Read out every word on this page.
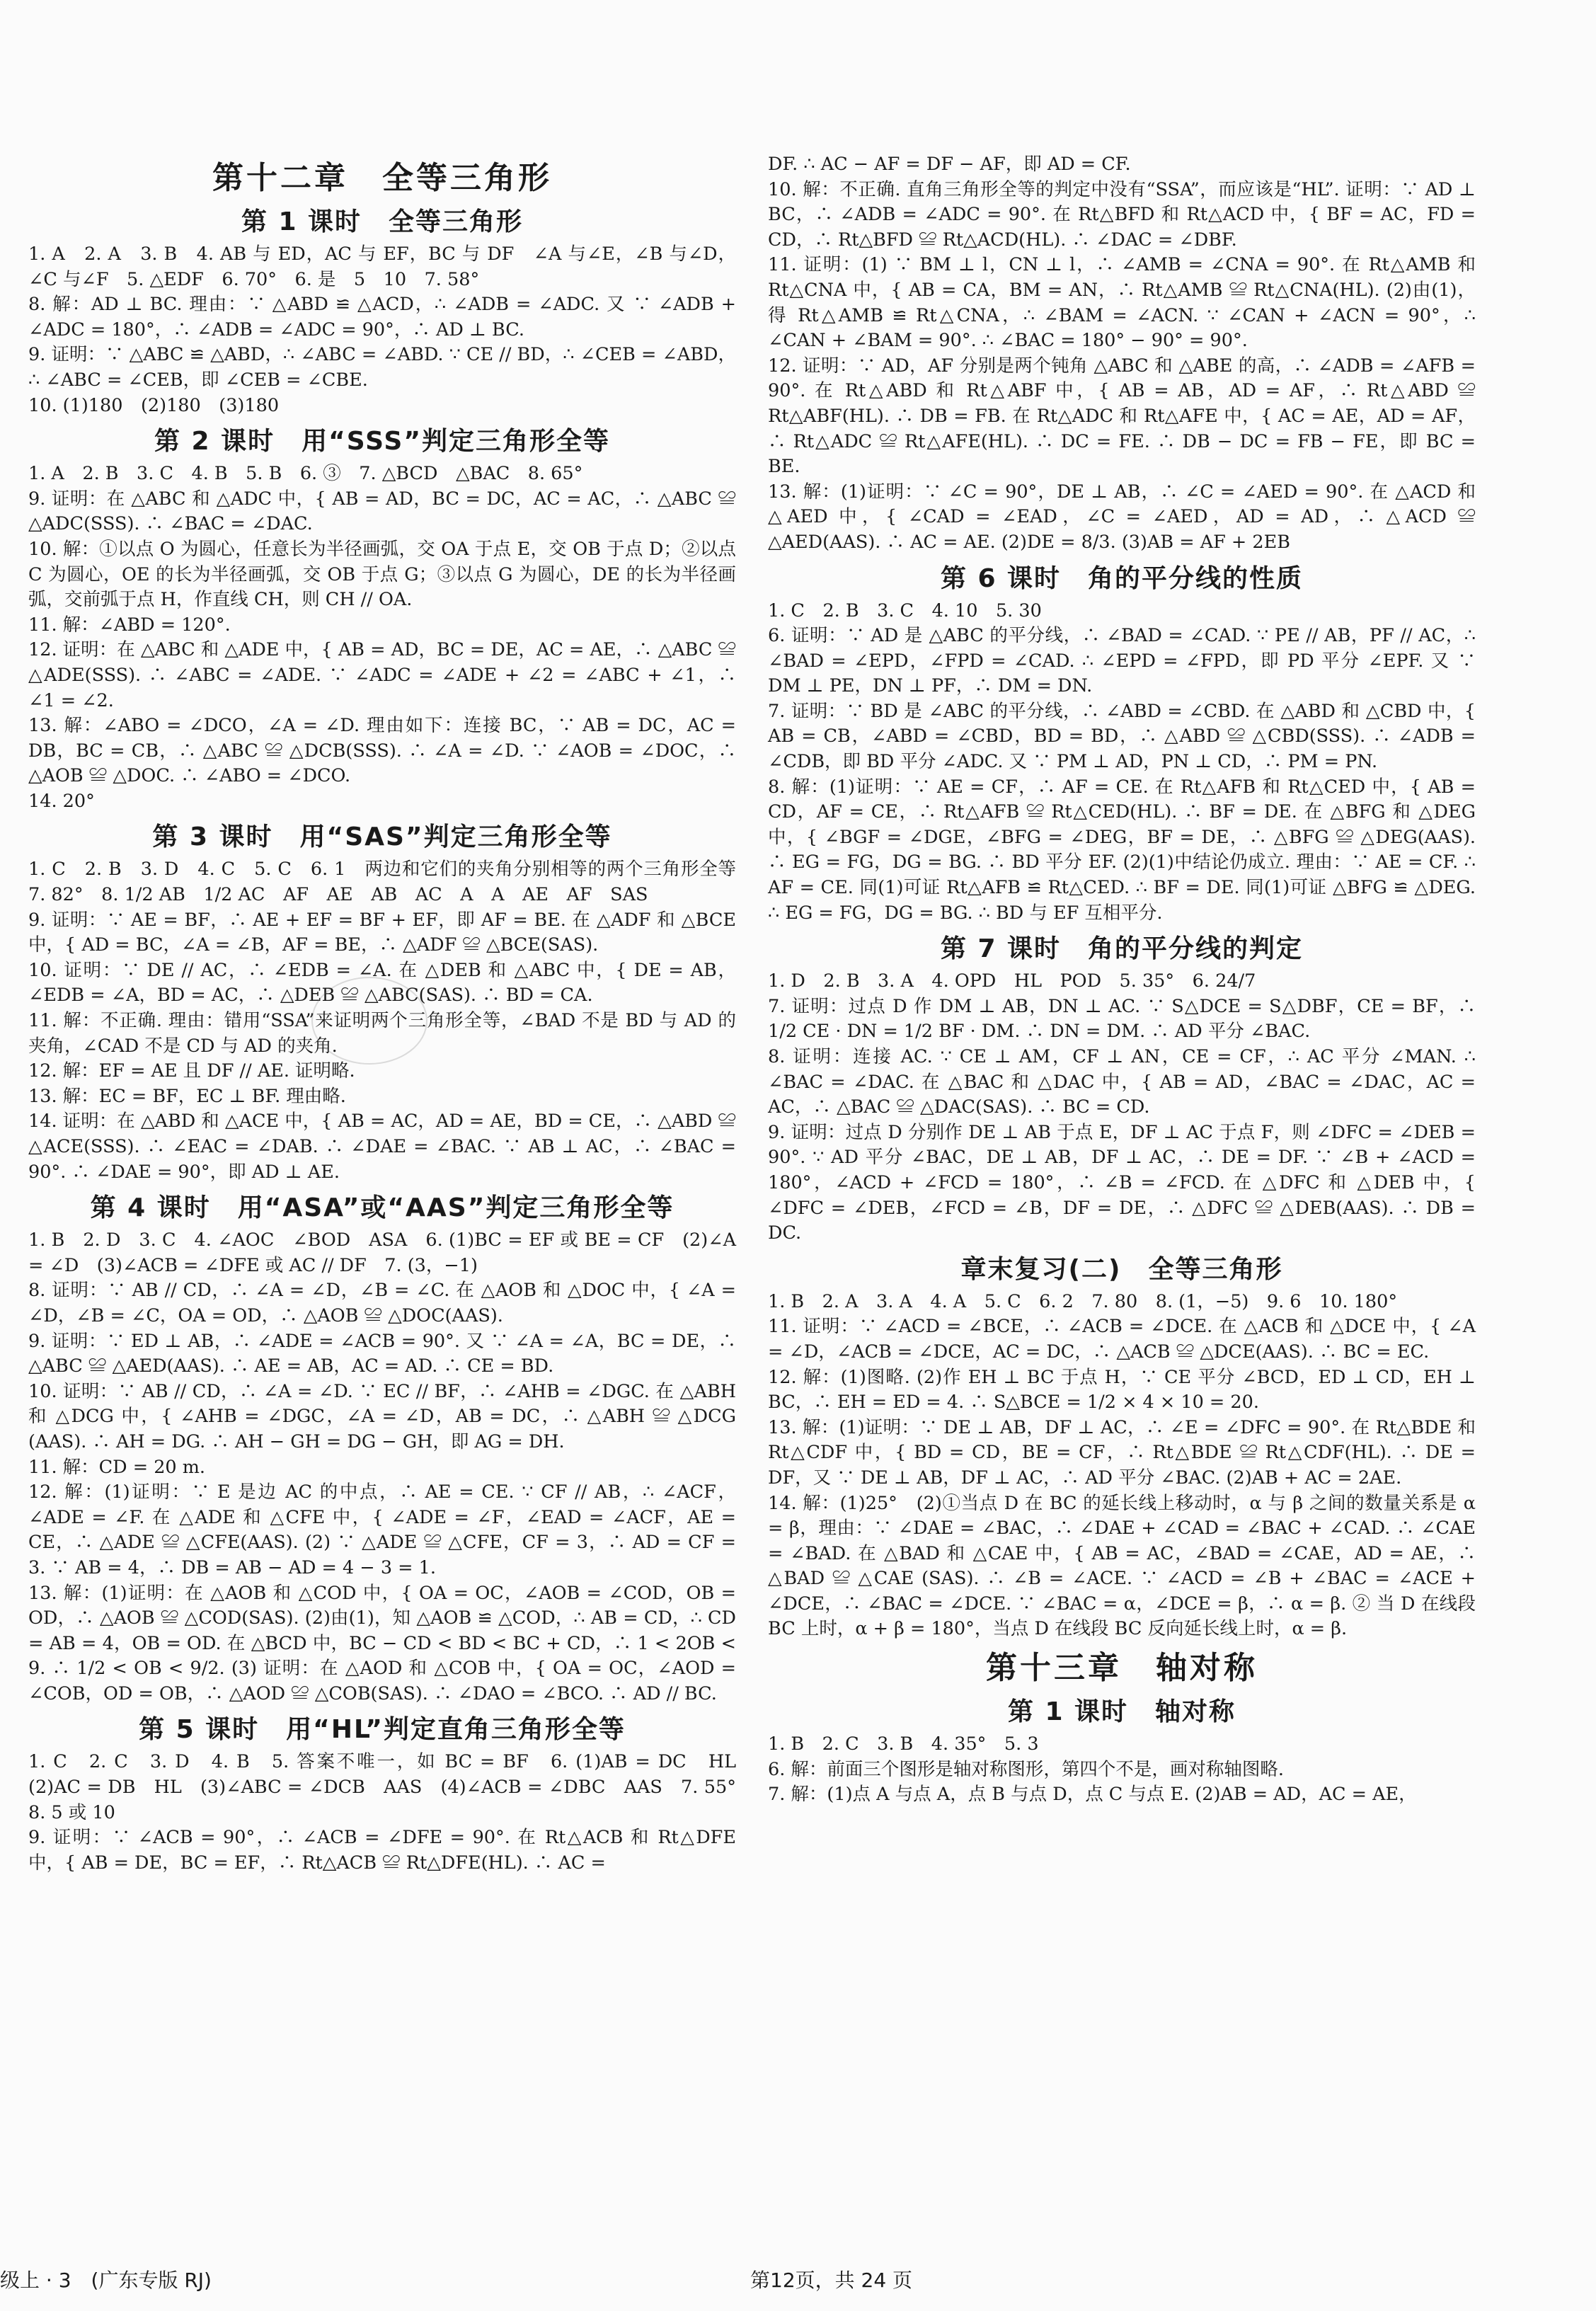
第十二章　全等三角形
第 1 课时　全等三角形

1. A　2. A　3. B　4. AB 与 ED，AC 与 EF，BC 与 DF　∠A 与∠E，∠B 与∠D，∠C 与∠F　5. △EDF　6. 70°　6. 是　5　10　7. 58°

8. 解：AD ⊥ BC. 理由：∵ △ABD ≌ △ACD，∴ ∠ADB = ∠ADC. 又 ∵ ∠ADB + ∠ADC = 180°，∴ ∠ADB = ∠ADC = 90°，∴ AD ⊥ BC.

9. 证明：∵ △ABC ≌ △ABD，∴ ∠ABC = ∠ABD. ∵ CE // BD，∴ ∠CEB = ∠ABD，∴ ∠ABC = ∠CEB，即 ∠CEB = ∠CBE.

10. (1)180　(2)180　(3)180

第 2 课时　用“SSS”判定三角形全等

1. A　2. B　3. C　4. B　5. B　6. ③　7. △BCD　△BAC　8. 65°

9. 证明：在 △ABC 和 △ADC 中，{ AB = AD，BC = DC，AC = AC，∴ △ABC ≌ △ADC(SSS). ∴ ∠BAC = ∠DAC.

10. 解：①以点 O 为圆心，任意长为半径画弧，交 OA 于点 E，交 OB 于点 D；②以点 C 为圆心，OE 的长为半径画弧，交 OB 于点 G；③以点 G 为圆心，DE 的长为半径画弧，交前弧于点 H，作直线 CH，则 CH // OA.

11. 解：∠ABD = 120°.

12. 证明：在 △ABC 和 △ADE 中，{ AB = AD，BC = DE，AC = AE，∴ △ABC ≌ △ADE(SSS). ∴ ∠ABC = ∠ADE. ∵ ∠ADC = ∠ADE + ∠2 = ∠ABC + ∠1，∴ ∠1 = ∠2.

13. 解：∠ABO = ∠DCO，∠A = ∠D. 理由如下：连接 BC，∵ AB = DC，AC = DB，BC = CB，∴ △ABC ≌ △DCB(SSS). ∴ ∠A = ∠D. ∵ ∠AOB = ∠DOC，∴ △AOB ≌ △DOC. ∴ ∠ABO = ∠DCO.

14. 20°

第 3 课时　用“SAS”判定三角形全等

1. C　2. B　3. D　4. C　5. C　6. 1　两边和它们的夹角分别相等的两个三角形全等　7. 82°　8. 1/2 AB　1/2 AC　AF　AE　AB　AC　A　A　AE　AF　SAS

9. 证明：∵ AE = BF，∴ AE + EF = BF + EF，即 AF = BE. 在 △ADF 和 △BCE 中，{ AD = BC，∠A = ∠B，AF = BE，∴ △ADF ≌ △BCE(SAS).

10. 证明：∵ DE // AC，∴ ∠EDB = ∠A. 在 △DEB 和 △ABC 中，{ DE = AB，∠EDB = ∠A，BD = AC，∴ △DEB ≌ △ABC(SAS). ∴ BD = CA.

11. 解：不正确. 理由：错用“SSA”来证明两个三角形全等，∠BAD 不是 BD 与 AD 的夹角，∠CAD 不是 CD 与 AD 的夹角.

12. 解：EF = AE 且 DF // AE. 证明略.

13. 解：EC = BF，EC ⊥ BF. 理由略.

14. 证明：在 △ABD 和 △ACE 中，{ AB = AC，AD = AE，BD = CE，∴ △ABD ≌ △ACE(SSS). ∴ ∠EAC = ∠DAB. ∴ ∠DAE = ∠BAC. ∵ AB ⊥ AC，∴ ∠BAC = 90°. ∴ ∠DAE = 90°，即 AD ⊥ AE.

第 4 课时　用“ASA”或“AAS”判定三角形全等

1. B　2. D　3. C　4. ∠AOC　∠BOD　ASA　6. (1)BC = EF 或 BE = CF　(2)∠A = ∠D　(3)∠ACB = ∠DFE 或 AC // DF　7. (3，−1)

8. 证明：∵ AB // CD，∴ ∠A = ∠D，∠B = ∠C. 在 △AOB 和 △DOC 中，{ ∠A = ∠D，∠B = ∠C，OA = OD，∴ △AOB ≌ △DOC(AAS).

9. 证明：∵ ED ⊥ AB，∴ ∠ADE = ∠ACB = 90°. 又 ∵ ∠A = ∠A，BC = DE，∴ △ABC ≌ △AED(AAS). ∴ AE = AB，AC = AD. ∴ CE = BD.

10. 证明：∵ AB // CD，∴ ∠A = ∠D. ∵ EC // BF，∴ ∠AHB = ∠DGC. 在 △ABH 和 △DCG 中，{ ∠AHB = ∠DGC，∠A = ∠D，AB = DC，∴ △ABH ≌ △DCG (AAS). ∴ AH = DG. ∴ AH − GH = DG − GH，即 AG = DH.

11. 解：CD = 20 m.

12. 解：(1)证明：∵ E 是边 AC 的中点，∴ AE = CE. ∵ CF // AB，∴ ∠ACF，∠ADE = ∠F. 在 △ADE 和 △CFE 中，{ ∠ADE = ∠F，∠EAD = ∠ACF，AE = CE，∴ △ADE ≌ △CFE(AAS). (2) ∵ △ADE ≌ △CFE，CF = 3，∴ AD = CF = 3. ∵ AB = 4，∴ DB = AB − AD = 4 − 3 = 1.

13. 解：(1)证明：在 △AOB 和 △COD 中，{ OA = OC，∠AOB = ∠COD，OB = OD，∴ △AOB ≌ △COD(SAS). (2)由(1)，知 △AOB ≌ △COD，∴ AB = CD，∴ CD = AB = 4，OB = OD. 在 △BCD 中，BC − CD < BD < BC + CD，∴ 1 < 2OB < 9. ∴ 1/2 < OB < 9/2. (3) 证明：在 △AOD 和 △COB 中，{ OA = OC，∠AOD = ∠COB，OD = OB，∴ △AOD ≌ △COB(SAS). ∴ ∠DAO = ∠BCO. ∴ AD // BC.

第 5 课时　用“HL”判定直角三角形全等

1. C　2. C　3. D　4. B　5. 答案不唯一，如 BC = BF　6. (1)AB = DC　HL　(2)AC = DB　HL　(3)∠ABC = ∠DCB　AAS　(4)∠ACB = ∠DBC　AAS　7. 55°　8. 5 或 10

9. 证明：∵ ∠ACB = 90°，∴ ∠ACB = ∠DFE = 90°. 在 Rt△ACB 和 Rt△DFE 中，{ AB = DE，BC = EF，∴ Rt△ACB ≌ Rt△DFE(HL). ∴ AC =

DF. ∴ AC − AF = DF − AF，即 AD = CF.

10. 解：不正确. 直角三角形全等的判定中没有“SSA”，而应该是“HL”. 证明：∵ AD ⊥ BC，∴ ∠ADB = ∠ADC = 90°. 在 Rt△BFD 和 Rt△ACD 中，{ BF = AC，FD = CD，∴ Rt△BFD ≌ Rt△ACD(HL). ∴ ∠DAC = ∠DBF.

11. 证明：(1) ∵ BM ⊥ l，CN ⊥ l，∴ ∠AMB = ∠CNA = 90°. 在 Rt△AMB 和 Rt△CNA 中，{ AB = CA，BM = AN，∴ Rt△AMB ≌ Rt△CNA(HL). (2)由(1)，得 Rt△AMB ≌ Rt△CNA，∴ ∠BAM = ∠ACN. ∵ ∠CAN + ∠ACN = 90°，∴ ∠CAN + ∠BAM = 90°. ∴ ∠BAC = 180° − 90° = 90°.

12. 证明：∵ AD，AF 分别是两个钝角 △ABC 和 △ABE 的高，∴ ∠ADB = ∠AFB = 90°. 在 Rt△ABD 和 Rt△ABF 中，{ AB = AB，AD = AF，∴ Rt△ABD ≌ Rt△ABF(HL). ∴ DB = FB. 在 Rt△ADC 和 Rt△AFE 中，{ AC = AE，AD = AF，∴ Rt△ADC ≌ Rt△AFE(HL). ∴ DC = FE. ∴ DB − DC = FB − FE，即 BC = BE.

13. 解：(1)证明：∵ ∠C = 90°，DE ⊥ AB，∴ ∠C = ∠AED = 90°. 在 △ACD 和 △AED 中，{ ∠CAD = ∠EAD，∠C = ∠AED，AD = AD，∴ △ACD ≌ △AED(AAS). ∴ AC = AE. (2)DE = 8/3. (3)AB = AF + 2EB

第 6 课时　角的平分线的性质

1. C　2. B　3. C　4. 10　5. 30

6. 证明：∵ AD 是 △ABC 的平分线，∴ ∠BAD = ∠CAD. ∵ PE // AB，PF // AC，∴ ∠BAD = ∠EPD，∠FPD = ∠CAD. ∴ ∠EPD = ∠FPD，即 PD 平分 ∠EPF. 又 ∵ DM ⊥ PE，DN ⊥ PF，∴ DM = DN.

7. 证明：∵ BD 是 ∠ABC 的平分线，∴ ∠ABD = ∠CBD. 在 △ABD 和 △CBD 中，{ AB = CB，∠ABD = ∠CBD，BD = BD，∴ △ABD ≌ △CBD(SSS). ∴ ∠ADB = ∠CDB，即 BD 平分 ∠ADC. 又 ∵ PM ⊥ AD，PN ⊥ CD，∴ PM = PN.

8. 解：(1)证明：∵ AE = CF，∴ AF = CE. 在 Rt△AFB 和 Rt△CED 中，{ AB = CD，AF = CE，∴ Rt△AFB ≌ Rt△CED(HL). ∴ BF = DE. 在 △BFG 和 △DEG 中，{ ∠BGF = ∠DGE，∠BFG = ∠DEG，BF = DE，∴ △BFG ≌ △DEG(AAS). ∴ EG = FG，DG = BG. ∴ BD 平分 EF. (2)(1)中结论仍成立. 理由：∵ AE = CF. ∴ AF = CE. 同(1)可证 Rt△AFB ≌ Rt△CED. ∴ BF = DE. 同(1)可证 △BFG ≌ △DEG. ∴ EG = FG，DG = BG. ∴ BD 与 EF 互相平分.

第 7 课时　角的平分线的判定

1. D　2. B　3. A　4. OPD　HL　POD　5. 35°　6. 24/7

7. 证明：过点 D 作 DM ⊥ AB，DN ⊥ AC. ∵ S△DCE = S△DBF，CE = BF，∴ 1/2 CE · DN = 1/2 BF · DM. ∴ DN = DM. ∴ AD 平分 ∠BAC.

8. 证明：连接 AC. ∵ CE ⊥ AM，CF ⊥ AN，CE = CF，∴ AC 平分 ∠MAN. ∴ ∠BAC = ∠DAC. 在 △BAC 和 △DAC 中，{ AB = AD，∠BAC = ∠DAC，AC = AC，∴ △BAC ≌ △DAC(SAS). ∴ BC = CD.

9. 证明：过点 D 分别作 DE ⊥ AB 于点 E，DF ⊥ AC 于点 F，则 ∠DFC = ∠DEB = 90°. ∵ AD 平分 ∠BAC，DE ⊥ AB，DF ⊥ AC，∴ DE = DF. ∵ ∠B + ∠ACD = 180°，∠ACD + ∠FCD = 180°，∴ ∠B = ∠FCD. 在 △DFC 和 △DEB 中，{ ∠DFC = ∠DEB，∠FCD = ∠B，DF = DE，∴ △DFC ≌ △DEB(AAS). ∴ DB = DC.

章末复习(二)　全等三角形

1. B　2. A　3. A　4. A　5. C　6. 2　7. 80　8. (1，−5)　9. 6　10. 180°

11. 证明：∵ ∠ACD = ∠BCE，∴ ∠ACB = ∠DCE. 在 △ACB 和 △DCE 中，{ ∠A = ∠D，∠ACB = ∠DCE，AC = DC，∴ △ACB ≌ △DCE(AAS). ∴ BC = EC.

12. 解：(1)图略. (2)作 EH ⊥ BC 于点 H，∵ CE 平分 ∠BCD，ED ⊥ CD，EH ⊥ BC，∴ EH = ED = 4. ∴ S△BCE = 1/2 × 4 × 10 = 20.

13. 解：(1)证明：∵ DE ⊥ AB，DF ⊥ AC，∴ ∠E = ∠DFC = 90°. 在 Rt△BDE 和 Rt△CDF 中，{ BD = CD，BE = CF，∴ Rt△BDE ≌ Rt△CDF(HL). ∴ DE = DF，又 ∵ DE ⊥ AB，DF ⊥ AC，∴ AD 平分 ∠BAC. (2)AB + AC = 2AE.

14. 解：(1)25°　(2)①当点 D 在 BC 的延长线上移动时，α 与 β 之间的数量关系是 α = β，理由：∵ ∠DAE = ∠BAC，∴ ∠DAE + ∠CAD = ∠BAC + ∠CAD. ∴ ∠CAE = ∠BAD. 在 △BAD 和 △CAE 中，{ AB = AC，∠BAD = ∠CAE，AD = AE，∴ △BAD ≌ △CAE (SAS). ∴ ∠B = ∠ACE. ∵ ∠ACD = ∠B + ∠BAC = ∠ACE + ∠DCE，∴ ∠BAC = ∠DCE. ∵ ∠BAC = α，∠DCE = β，∴ α = β. ② 当 D 在线段 BC 上时，α + β = 180°，当点 D 在线段 BC 反向延长线上时，α = β.

第十三章　轴对称
第 1 课时　轴对称

1. B　2. C　3. B　4. 35°　5. 3

6. 解：前面三个图形是轴对称图形，第四个不是，画对称轴图略.

7. 解：(1)点 A 与点 A，点 B 与点 D，点 C 与点 E. (2)AB = AD，AC = AE，

级上 · 3　(广东专版 RJ)	第12页，共 24 页
